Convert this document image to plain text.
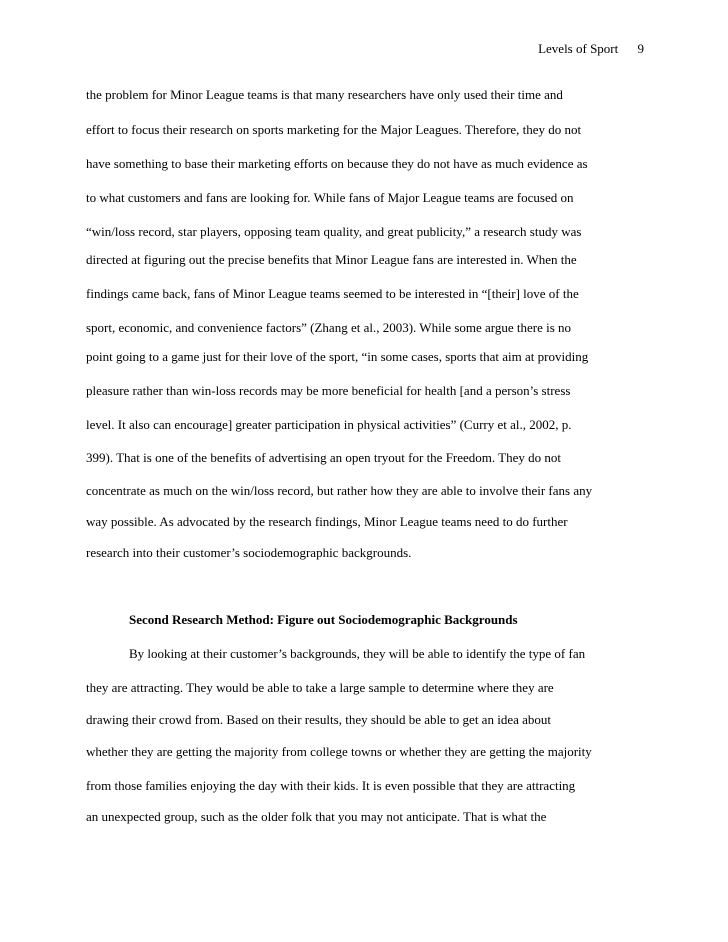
Levels of Sport 9
the problem for Minor League teams is that many researchers have only used their time and
effort to focus their research on sports marketing for the Major Leagues. Therefore, they do not
have something to base their marketing efforts on because they do not have as much evidence as
to what customers and fans are looking for. While fans of Major League teams are focused on
“win/loss record, star players, opposing team quality, and great publicity,” a research study was
directed at figuring out the precise benefits that Minor League fans are interested in. When the
findings came back, fans of Minor League teams seemed to be interested in “[their] love of the
sport, economic, and convenience factors” (Zhang et al., 2003). While some argue there is no
point going to a game just for their love of the sport, “in some cases, sports that aim at providing
pleasure rather than win-loss records may be more beneficial for health [and a person’s stress
level. It also can encourage] greater participation in physical activities” (Curry et al., 2002, p.
399). That is one of the benefits of advertising an open tryout for the Freedom. They do not
concentrate as much on the win/loss record, but rather how they are able to involve their fans any
way possible. As advocated by the research findings, Minor League teams need to do further
research into their customer’s sociodemographic backgrounds.
Second Research Method: Figure out Sociodemographic Backgrounds
By looking at their customer’s backgrounds, they will be able to identify the type of fan
they are attracting. They would be able to take a large sample to determine where they are
drawing their crowd from. Based on their results, they should be able to get an idea about
whether they are getting the majority from college towns or whether they are getting the majority
from those families enjoying the day with their kids. It is even possible that they are attracting
an unexpected group, such as the older folk that you may not anticipate. That is what the
